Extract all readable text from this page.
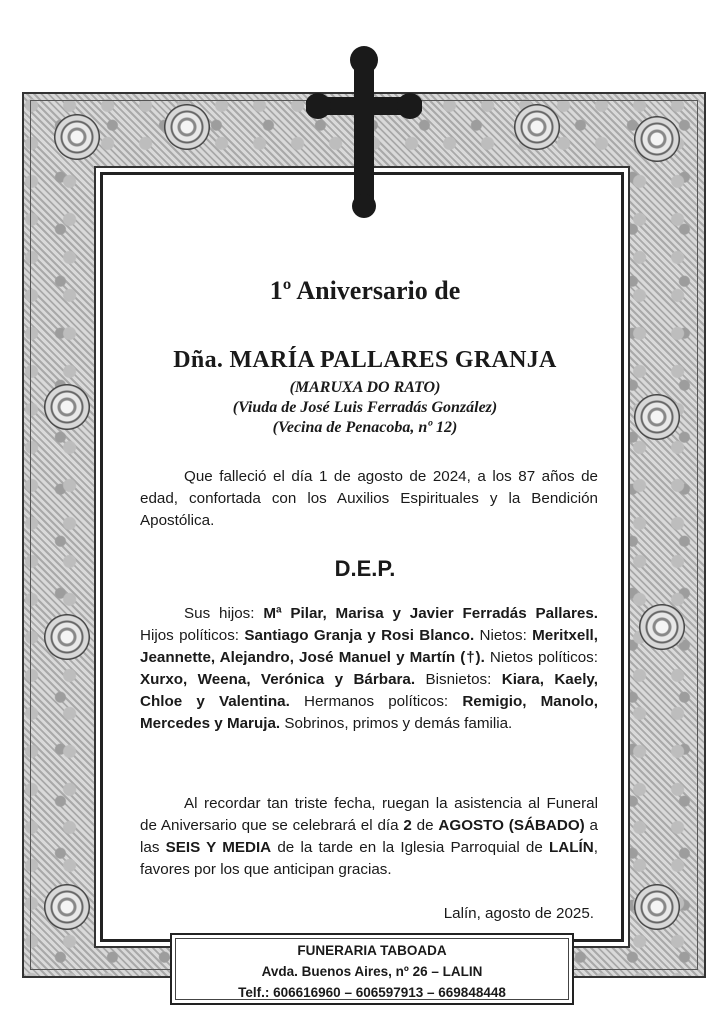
1º Aniversario de
Dña. MARÍA PALLARES GRANJA
(MARUXA DO RATO)
(Viuda de José Luis Ferradás González)
(Vecina de Penacoba, nº 12)
Que falleció el día 1 de agosto de 2024, a los 87 años de edad, confortada con los Auxilios Espirituales y la Bendición Apostólica.
D.E.P.
Sus hijos: Mª Pilar, Marisa y Javier Ferradás Pallares. Hijos políticos: Santiago Granja y Rosi Blanco. Nietos: Meritxell, Jeannette, Alejandro, José Manuel y Martín (†). Nietos políticos: Xurxo, Weena, Verónica y Bárbara. Bisnietos: Kiara, Kaely, Chloe y Valentina. Hermanos políticos: Remigio, Manolo, Mercedes y Maruja. Sobrinos, primos y demás familia.
Al recordar tan triste fecha, ruegan la asistencia al Funeral de Aniversario que se celebrará el día 2 de AGOSTO (SÁBADO) a las SEIS Y MEDIA de la tarde en la Iglesia Parroquial de LALÍN, favores por los que anticipan gracias.
Lalín, agosto de 2025.
FUNERARIA TABOADA
Avda. Buenos Aires, nº 26 – LALIN
Telf.: 606616960 – 606597913 – 669848448
